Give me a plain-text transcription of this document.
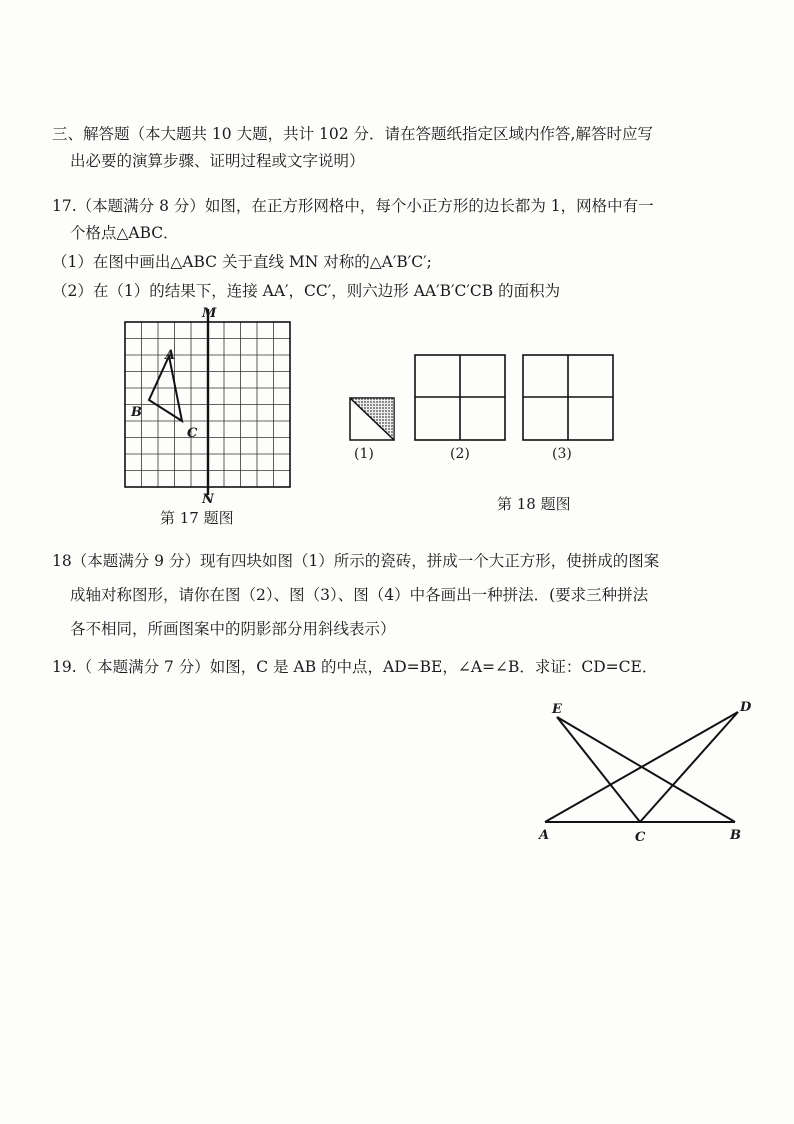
三、解答题（本大题共 10 大题，共计 102 分．请在答题纸指定区域内作答,解答时应写
出必要的演算步骤、证明过程或文字说明）
17.（本题满分 8 分）如图，在正方形网格中，每个小正方形的边长都为 1，网格中有一
个格点△ABC．
（1）在图中画出△ABC 关于直线 MN 对称的△A′B′C′;
（2）在（1）的结果下，连接 AA′，CC′，则六边形 AA′B′C′CB 的面积为
M
N
A
B
C
第 17 题图
(1)	(2)	(3)
第 18 题图
18（本题满分 9 分）现有四块如图（1）所示的瓷砖，拼成一个大正方形，使拼成的图案
成轴对称图形，请你在图（2）、图（3）、图（4）中各画出一种拼法．(要求三种拼法
各不相同，所画图案中的阴影部分用斜线表示）
19.（ 本题满分 7 分）如图，C 是 AB 的中点，AD=BE，∠A=∠B．求证：CD=CE．
E	D
A	C	B
